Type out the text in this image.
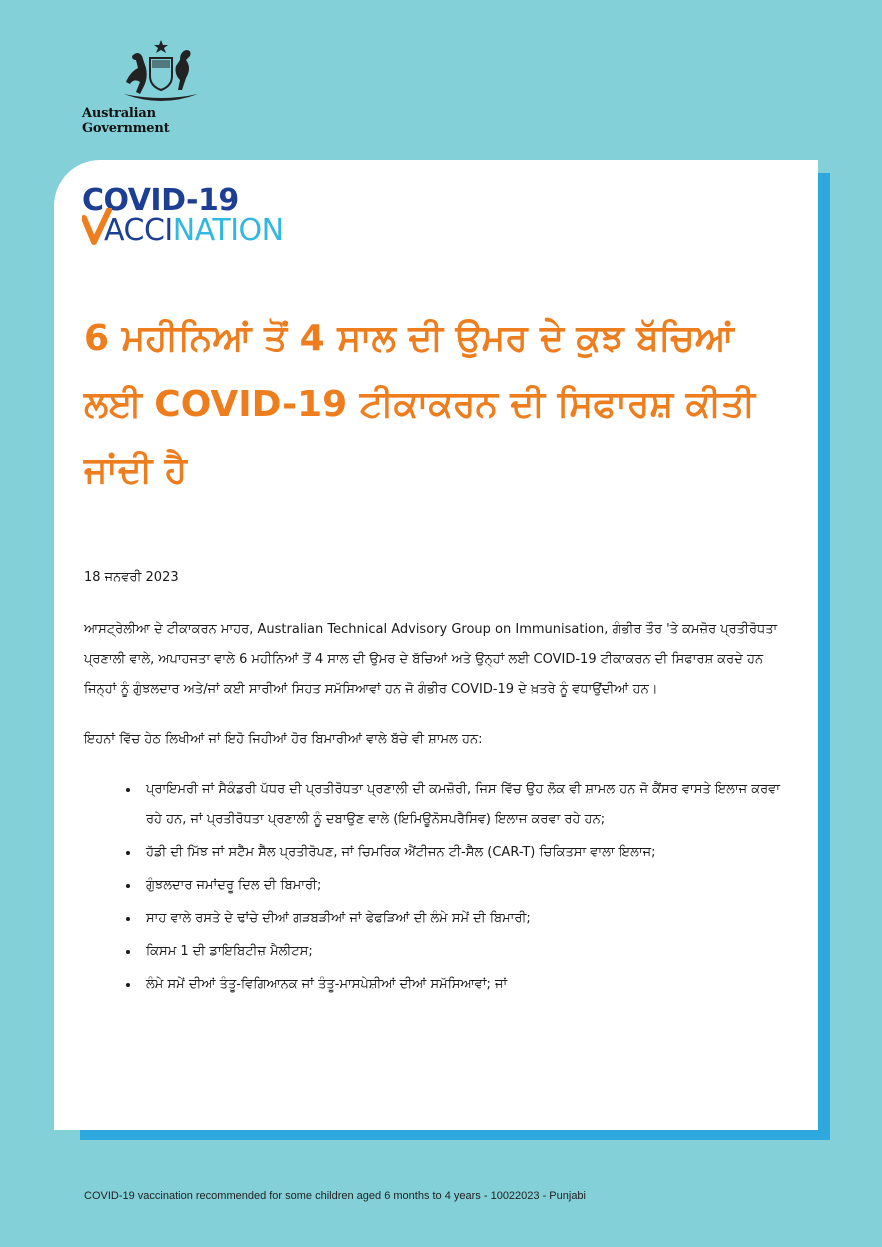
Australian Government
COVID-19
ACCINATION
6 ਮਹੀਨਿਆਂ ਤੋਂ 4 ਸਾਲ ਦੀ ਉਮਰ ਦੇ ਕੁਝ ਬੱਚਿਆਂ ਲਈ COVID-19 ਟੀਕਾਕਰਨ ਦੀ ਸਿਫਾਰਸ਼ ਕੀਤੀ ਜਾਂਦੀ ਹੈ
18 ਜਨਵਰੀ 2023

ਆਸਟ੍ਰੇਲੀਆ ਦੇ ਟੀਕਾਕਰਨ ਮਾਹਰ, Australian Technical Advisory Group on Immunisation, ਗੰਭੀਰ ਤੌਰ 'ਤੇ ਕਮਜ਼ੋਰ ਪ੍ਰਤੀਰੋਧਤਾ ਪ੍ਰਣਾਲੀ ਵਾਲੇ, ਅਪਾਹਜਤਾ ਵਾਲੇ 6 ਮਹੀਨਿਆਂ ਤੋਂ 4 ਸਾਲ ਦੀ ਉਮਰ ਦੇ ਬੱਚਿਆਂ ਅਤੇ ਉਨ੍ਹਾਂ ਲਈ COVID-19 ਟੀਕਾਕਰਨ ਦੀ ਸਿਫਾਰਸ਼ ਕਰਦੇ ਹਨ ਜਿਨ੍ਹਾਂ ਨੂੰ ਗੁੰਝਲਦਾਰ ਅਤੇ/ਜਾਂ ਕਈ ਸਾਰੀਆਂ ਸਿਹਤ ਸਮੱਸਿਆਵਾਂ ਹਨ ਜੋ ਗੰਭੀਰ COVID-19 ਦੇ ਖ਼ਤਰੇ ਨੂੰ ਵਧਾਉਂਦੀਆਂ ਹਨ।

ਇਹਨਾਂ ਵਿੱਚ ਹੇਠ ਲਿਖੀਆਂ ਜਾਂ ਇਹੋ ਜਿਹੀਆਂ ਹੋਰ ਬਿਮਾਰੀਆਂ ਵਾਲੇ ਬੱਚੇ ਵੀ ਸ਼ਾਮਲ ਹਨ:

• ਪ੍ਰਾਇਮਰੀ ਜਾਂ ਸੈਕੰਡਰੀ ਪੱਧਰ ਦੀ ਪ੍ਰਤੀਰੋਧਤਾ ਪ੍ਰਣਾਲੀ ਦੀ ਕਮਜ਼ੋਰੀ, ਜਿਸ ਵਿੱਚ ਉਹ ਲੋਕ ਵੀ ਸ਼ਾਮਲ ਹਨ ਜੋ ਕੈਂਸਰ ਵਾਸਤੇ ਇਲਾਜ ਕਰਵਾ ਰਹੇ ਹਨ, ਜਾਂ ਪ੍ਰਤੀਰੋਧਤਾ ਪ੍ਰਣਾਲੀ ਨੂੰ ਦਬਾਉਣ ਵਾਲੇ (ਇਮਿਊਨੋਸਪਰੈਸਿਵ) ਇਲਾਜ ਕਰਵਾ ਰਹੇ ਹਨ;
• ਹੱਡੀ ਦੀ ਮਿੱਝ ਜਾਂ ਸਟੈੱਮ ਸੈੱਲ ਪ੍ਰਤੀਰੋਪਣ, ਜਾਂ ਚਿਮਰਿਕ ਐਂਟੀਜਨ ਟੀ-ਸੈੱਲ (CAR-T) ਚਿਕਿਤਸਾ ਵਾਲਾ ਇਲਾਜ;
• ਗੁੰਝਲਦਾਰ ਜਮਾਂਦਰੂ ਦਿਲ ਦੀ ਬਿਮਾਰੀ;
• ਸਾਹ ਵਾਲੇ ਰਸਤੇ ਦੇ ਢਾਂਚੇ ਦੀਆਂ ਗੜਬੜੀਆਂ ਜਾਂ ਫੇਫੜਿਆਂ ਦੀ ਲੰਮੇ ਸਮੇਂ ਦੀ ਬਿਮਾਰੀ;
• ਕਿਸਮ 1 ਦੀ ਡਾਇਬਿਟੀਜ਼ ਮੈਲੀਟਸ;
• ਲੰਮੇ ਸਮੇਂ ਦੀਆਂ ਤੰਤੂ-ਵਿਗਿਆਨਕ ਜਾਂ ਤੰਤੂ-ਮਾਸਪੇਸ਼ੀਆਂ ਦੀਆਂ ਸਮੱਸਿਆਵਾਂ; ਜਾਂ
COVID-19 vaccination recommended for some children aged 6 months to 4 years - 10022023 - Punjabi
